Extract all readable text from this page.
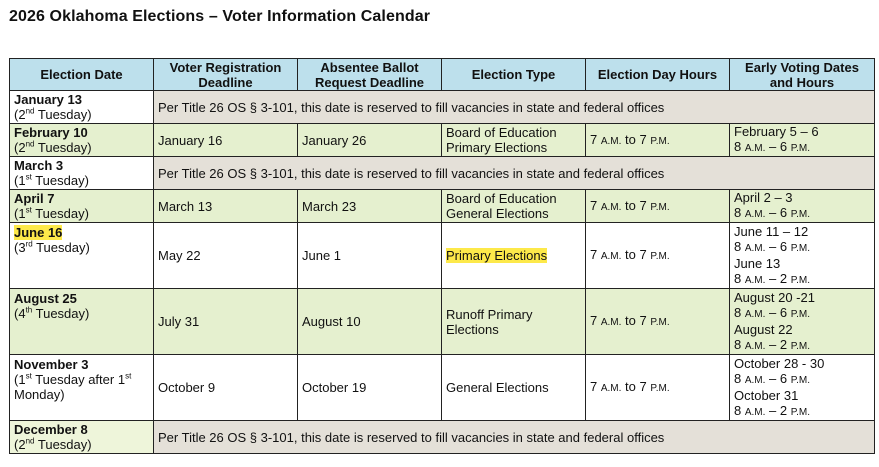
2026 Oklahoma Elections – Voter Information Calendar
Election Date	Voter Registration Deadline	Absentee Ballot Request Deadline	Election Type	Election Day Hours	Early Voting Dates and Hours

January 13
(2nd Tuesday)	Per Title 26 OS § 3-101, this date is reserved to fill vacancies in state and federal offices				

February 10
(2nd Tuesday)	January 16	January 26	Board of Education
Primary Elections	7 A.M. to 7 P.M.	February 5 – 6
8 A.M. – 6 P.M.

March 3
(1st Tuesday)	Per Title 26 OS § 3-101, this date is reserved to fill vacancies in state and federal offices				

April 7
(1st Tuesday)	March 13	March 23	Board of Education
General Elections	7 A.M. to 7 P.M.	April 2 – 3
8 A.M. – 6 P.M.

June 16
(3rd Tuesday)	May 22	June 1	Primary Elections	7 A.M. to 7 P.M.	June 11 – 12
8 A.M. – 6 P.M.
June 13
8 A.M. – 2 P.M.

August 25
(4th Tuesday)	July 31	August 10	Runoff Primary
Elections	7 A.M. to 7 P.M.	August 20 -21
8 A.M. – 6 P.M.
August 22
8 A.M. – 2 P.M.

November 3
(1st Tuesday after 1st Monday)	October 9	October 19	General Elections	7 A.M. to 7 P.M.	October 28 - 30
8 A.M. – 6 P.M.
October 31
8 A.M. – 2 P.M.

December 8
(2nd Tuesday)	Per Title 26 OS § 3-101, this date is reserved to fill vacancies in state and federal offices				
